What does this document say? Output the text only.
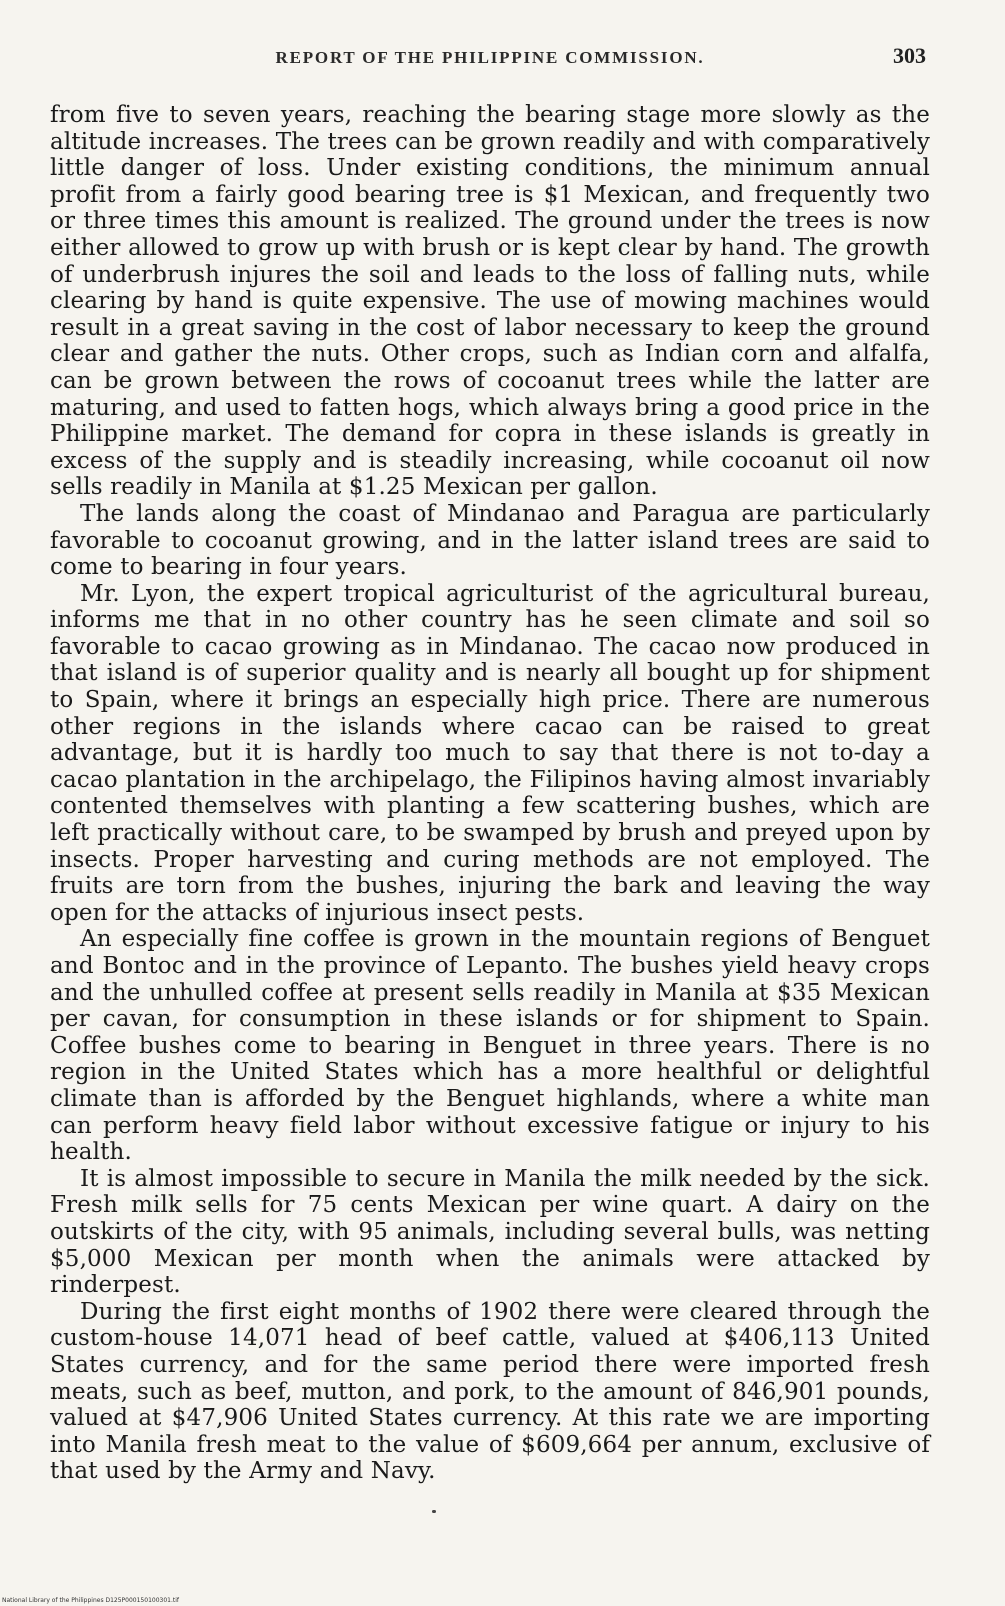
REPORT OF THE PHILIPPINE COMMISSION.	303

from five to seven years, reaching the bearing stage more slowly as the altitude increases. The trees can be grown readily and with comparatively little danger of loss. Under existing conditions, the minimum annual profit from a fairly good bearing tree is $1 Mexican, and frequently two or three times this amount is realized. The ground under the trees is now either allowed to grow up with brush or is kept clear by hand. The growth of underbrush injures the soil and leads to the loss of falling nuts, while clearing by hand is quite expensive. The use of mowing machines would result in a great saving in the cost of labor necessary to keep the ground clear and gather the nuts. Other crops, such as Indian corn and alfalfa, can be grown between the rows of cocoanut trees while the latter are maturing, and used to fatten hogs, which always bring a good price in the Philippine market. The demand for copra in these islands is greatly in excess of the supply and is steadily increasing, while cocoanut oil now sells readily in Manila at $1.25 Mexican per gallon.

The lands along the coast of Mindanao and Paragua are particularly favorable to cocoanut growing, and in the latter island trees are said to come to bearing in four years.

Mr. Lyon, the expert tropical agriculturist of the agricultural bureau, informs me that in no other country has he seen climate and soil so favorable to cacao growing as in Mindanao. The cacao now produced in that island is of superior quality and is nearly all bought up for shipment to Spain, where it brings an especially high price. There are numerous other regions in the islands where cacao can be raised to great advantage, but it is hardly too much to say that there is not to-day a cacao plantation in the archipelago, the Filipinos having almost invariably contented themselves with planting a few scattering bushes, which are left practically without care, to be swamped by brush and preyed upon by insects. Proper harvesting and curing methods are not employed. The fruits are torn from the bushes, injuring the bark and leaving the way open for the attacks of injurious insect pests.

An especially fine coffee is grown in the mountain regions of Benguet and Bontoc and in the province of Lepanto. The bushes yield heavy crops and the unhulled coffee at present sells readily in Manila at $35 Mexican per cavan, for consumption in these islands or for shipment to Spain. Coffee bushes come to bearing in Benguet in three years. There is no region in the United States which has a more healthful or delightful climate than is afforded by the Benguet highlands, where a white man can perform heavy field labor without excessive fatigue or injury to his health.

It is almost impossible to secure in Manila the milk needed by the sick. Fresh milk sells for 75 cents Mexican per wine quart. A dairy on the outskirts of the city, with 95 animals, including several bulls, was netting $5,000 Mexican per month when the animals were attacked by rinderpest.

During the first eight months of 1902 there were cleared through the custom-house 14,071 head of beef cattle, valued at $406,113 United States currency, and for the same period there were imported fresh meats, such as beef, mutton, and pork, to the amount of 846,901 pounds, valued at $47,906 United States currency. At this rate we are importing into Manila fresh meat to the value of $609,664 per annum, exclusive of that used by the Army and Navy.

National Library of the Philippines D125P000150100301.tif
